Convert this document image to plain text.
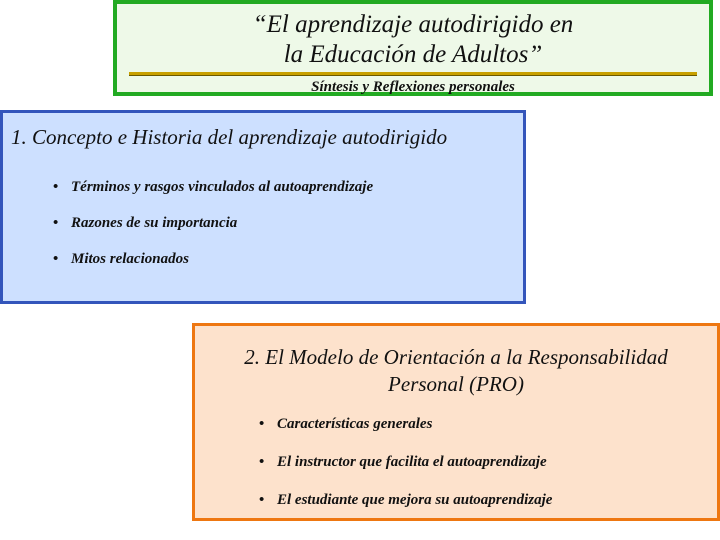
“El aprendizaje autodirigido en
la Educación de Adultos”
Síntesis y Reflexiones personales
1. Concepto e Historia del aprendizaje autodirigido
• Términos y rasgos vinculados al autoaprendizaje
• Razones de su importancia
• Mitos relacionados
2. El Modelo de Orientación a la Responsabilidad
Personal (PRO)
• Características generales
• El instructor que facilita el autoaprendizaje
• El estudiante que mejora su autoaprendizaje
